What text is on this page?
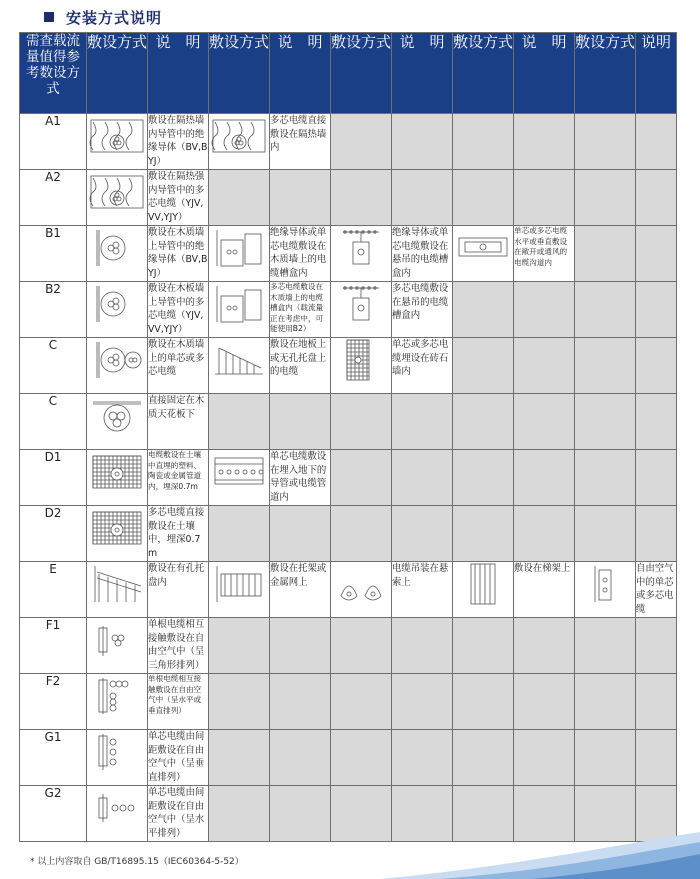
安装方式说明
需查载流量值得参考数设方式	敷设方式	说　明	敷设方式	说　明	敷设方式	说　明	敷设方式	说　明	敷设方式	说明
A1		敷设在隔热墙内导管中的绝缘导体（BV,BYJ）		多芯电缆直接敷设在隔热墙内						
A2		敷设在隔热强内导管中的多芯电缆（YJV,VV,YJY）								
B1		敷设在木质墙上导管中的绝缘导体（BV,BYJ）		绝缘导体或单芯电缆敷设在木质墙上的电缆槽盒内		绝缘导体或单芯电缆敷设在悬吊的电缆槽盒内		单芯或多芯电缆水平或垂直敷设在敞开或通风的电缆沟道内		
B2		敷设在木板墙上导管中的多芯电缆（YJV,VV,YJY）		多芯电缆敷设在木质墙上的电缆槽盒内（载流量正在考虑中，可能使用B2）		多芯电缆敷设在悬吊的电缆槽盒内				
C		敷设在木质墙上的单芯或多芯电缆		敷设在地板上或无孔托盘上的电缆		单芯或多芯电缆埋设在砖石墙内				
C		直接固定在木质天花板下								
D1		电缆敷设在土壤中直埋的塑料、陶瓷或金属管道内，埋深0.7m		单芯电缆敷设在埋入地下的导管或电缆管道内						
D2		多芯电缆直接敷设在土壤中，埋深0.7m								
E		敷设在有孔托盘内		敷设在托架或金属网上		电缆吊装在悬索上		敷设在梯架上		自由空气中的单芯或多芯电缆
F1		单根电缆相互接触敷设在自由空气中（呈三角形排列）								
F2		单根电缆相互接触敷设在自由空气中（呈水平或垂直排列）								
G1		单芯电缆由间距敷设在自由空气中（呈垂直排列）								
G2		单芯电缆由间距敷设在自由空气中（呈水平排列）								
* 以上内容取自 GB/T16895.15（IEC60364-5-52）
